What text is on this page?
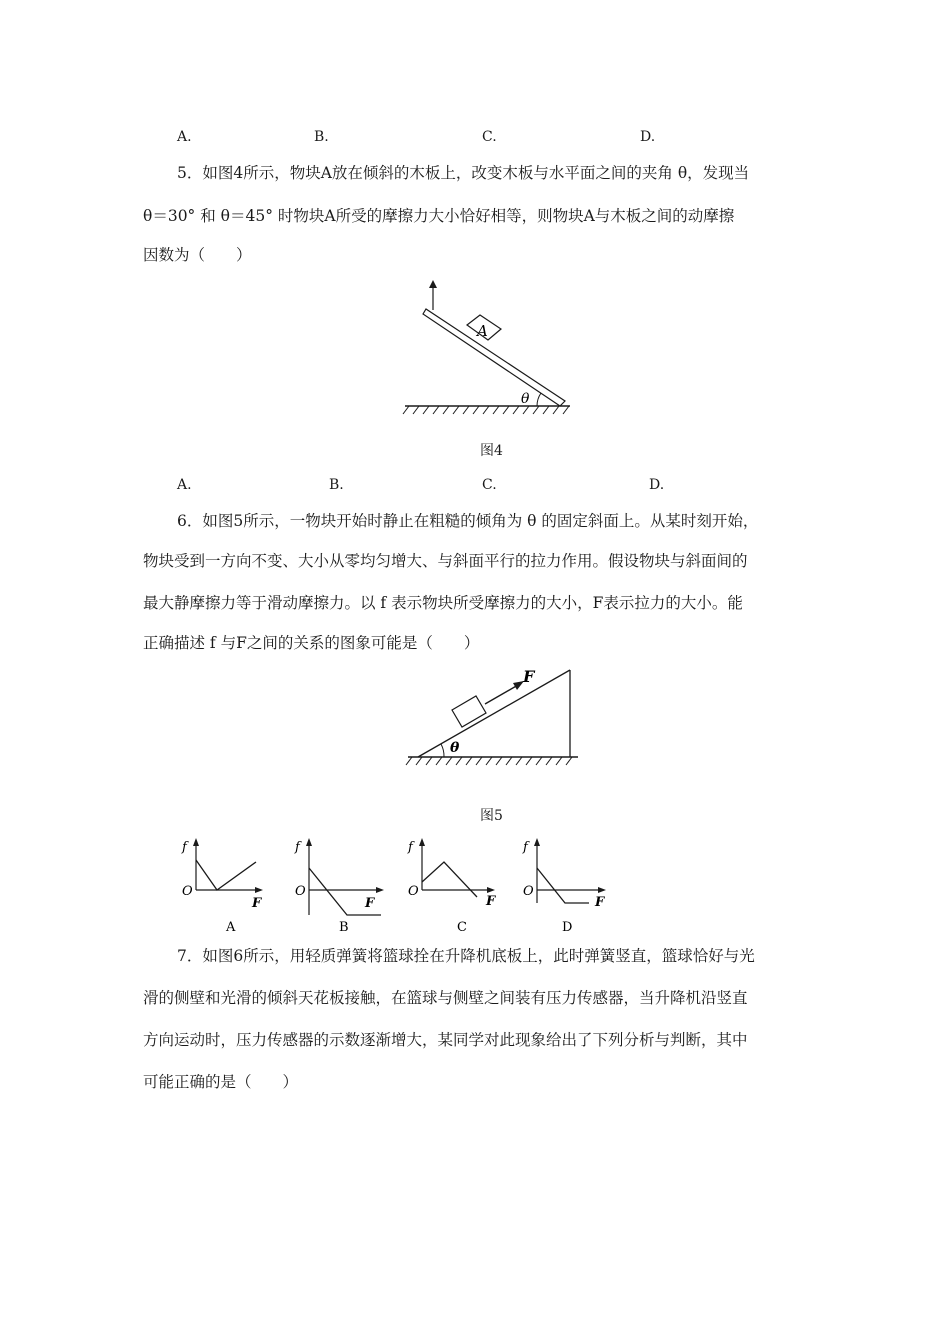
A.	B.	C.	D.
5．如图4所示，物块A放在倾斜的木板上，改变木板与水平面之间的夹角 θ，发现当
θ＝30° 和 θ＝45° 时物块A所受的摩擦力大小恰好相等，则物块A与木板之间的动摩擦
因数为（　　）
A
θ
图4
A.	B.	C.	D.
6．如图5所示，一物块开始时静止在粗糙的倾角为 θ 的固定斜面上。从某时刻开始，
物块受到一方向不变、大小从零均匀增大、与斜面平行的拉力作用。假设物块与斜面间的
最大静摩擦力等于滑动摩擦力。以 f 表示物块所受摩擦力的大小，F表示拉力的大小。能
正确描述 f 与F之间的关系的图象可能是（　　）
F
θ
图5
f
O
F
A
f
O
F
B
f
O
F
C
f
O
F
D
7．如图6所示，用轻质弹簧将篮球拴在升降机底板上，此时弹簧竖直，篮球恰好与光
滑的侧壁和光滑的倾斜天花板接触，在篮球与侧壁之间装有压力传感器，当升降机沿竖直
方向运动时，压力传感器的示数逐渐增大，某同学对此现象给出了下列分析与判断，其中
可能正确的是（　　）
